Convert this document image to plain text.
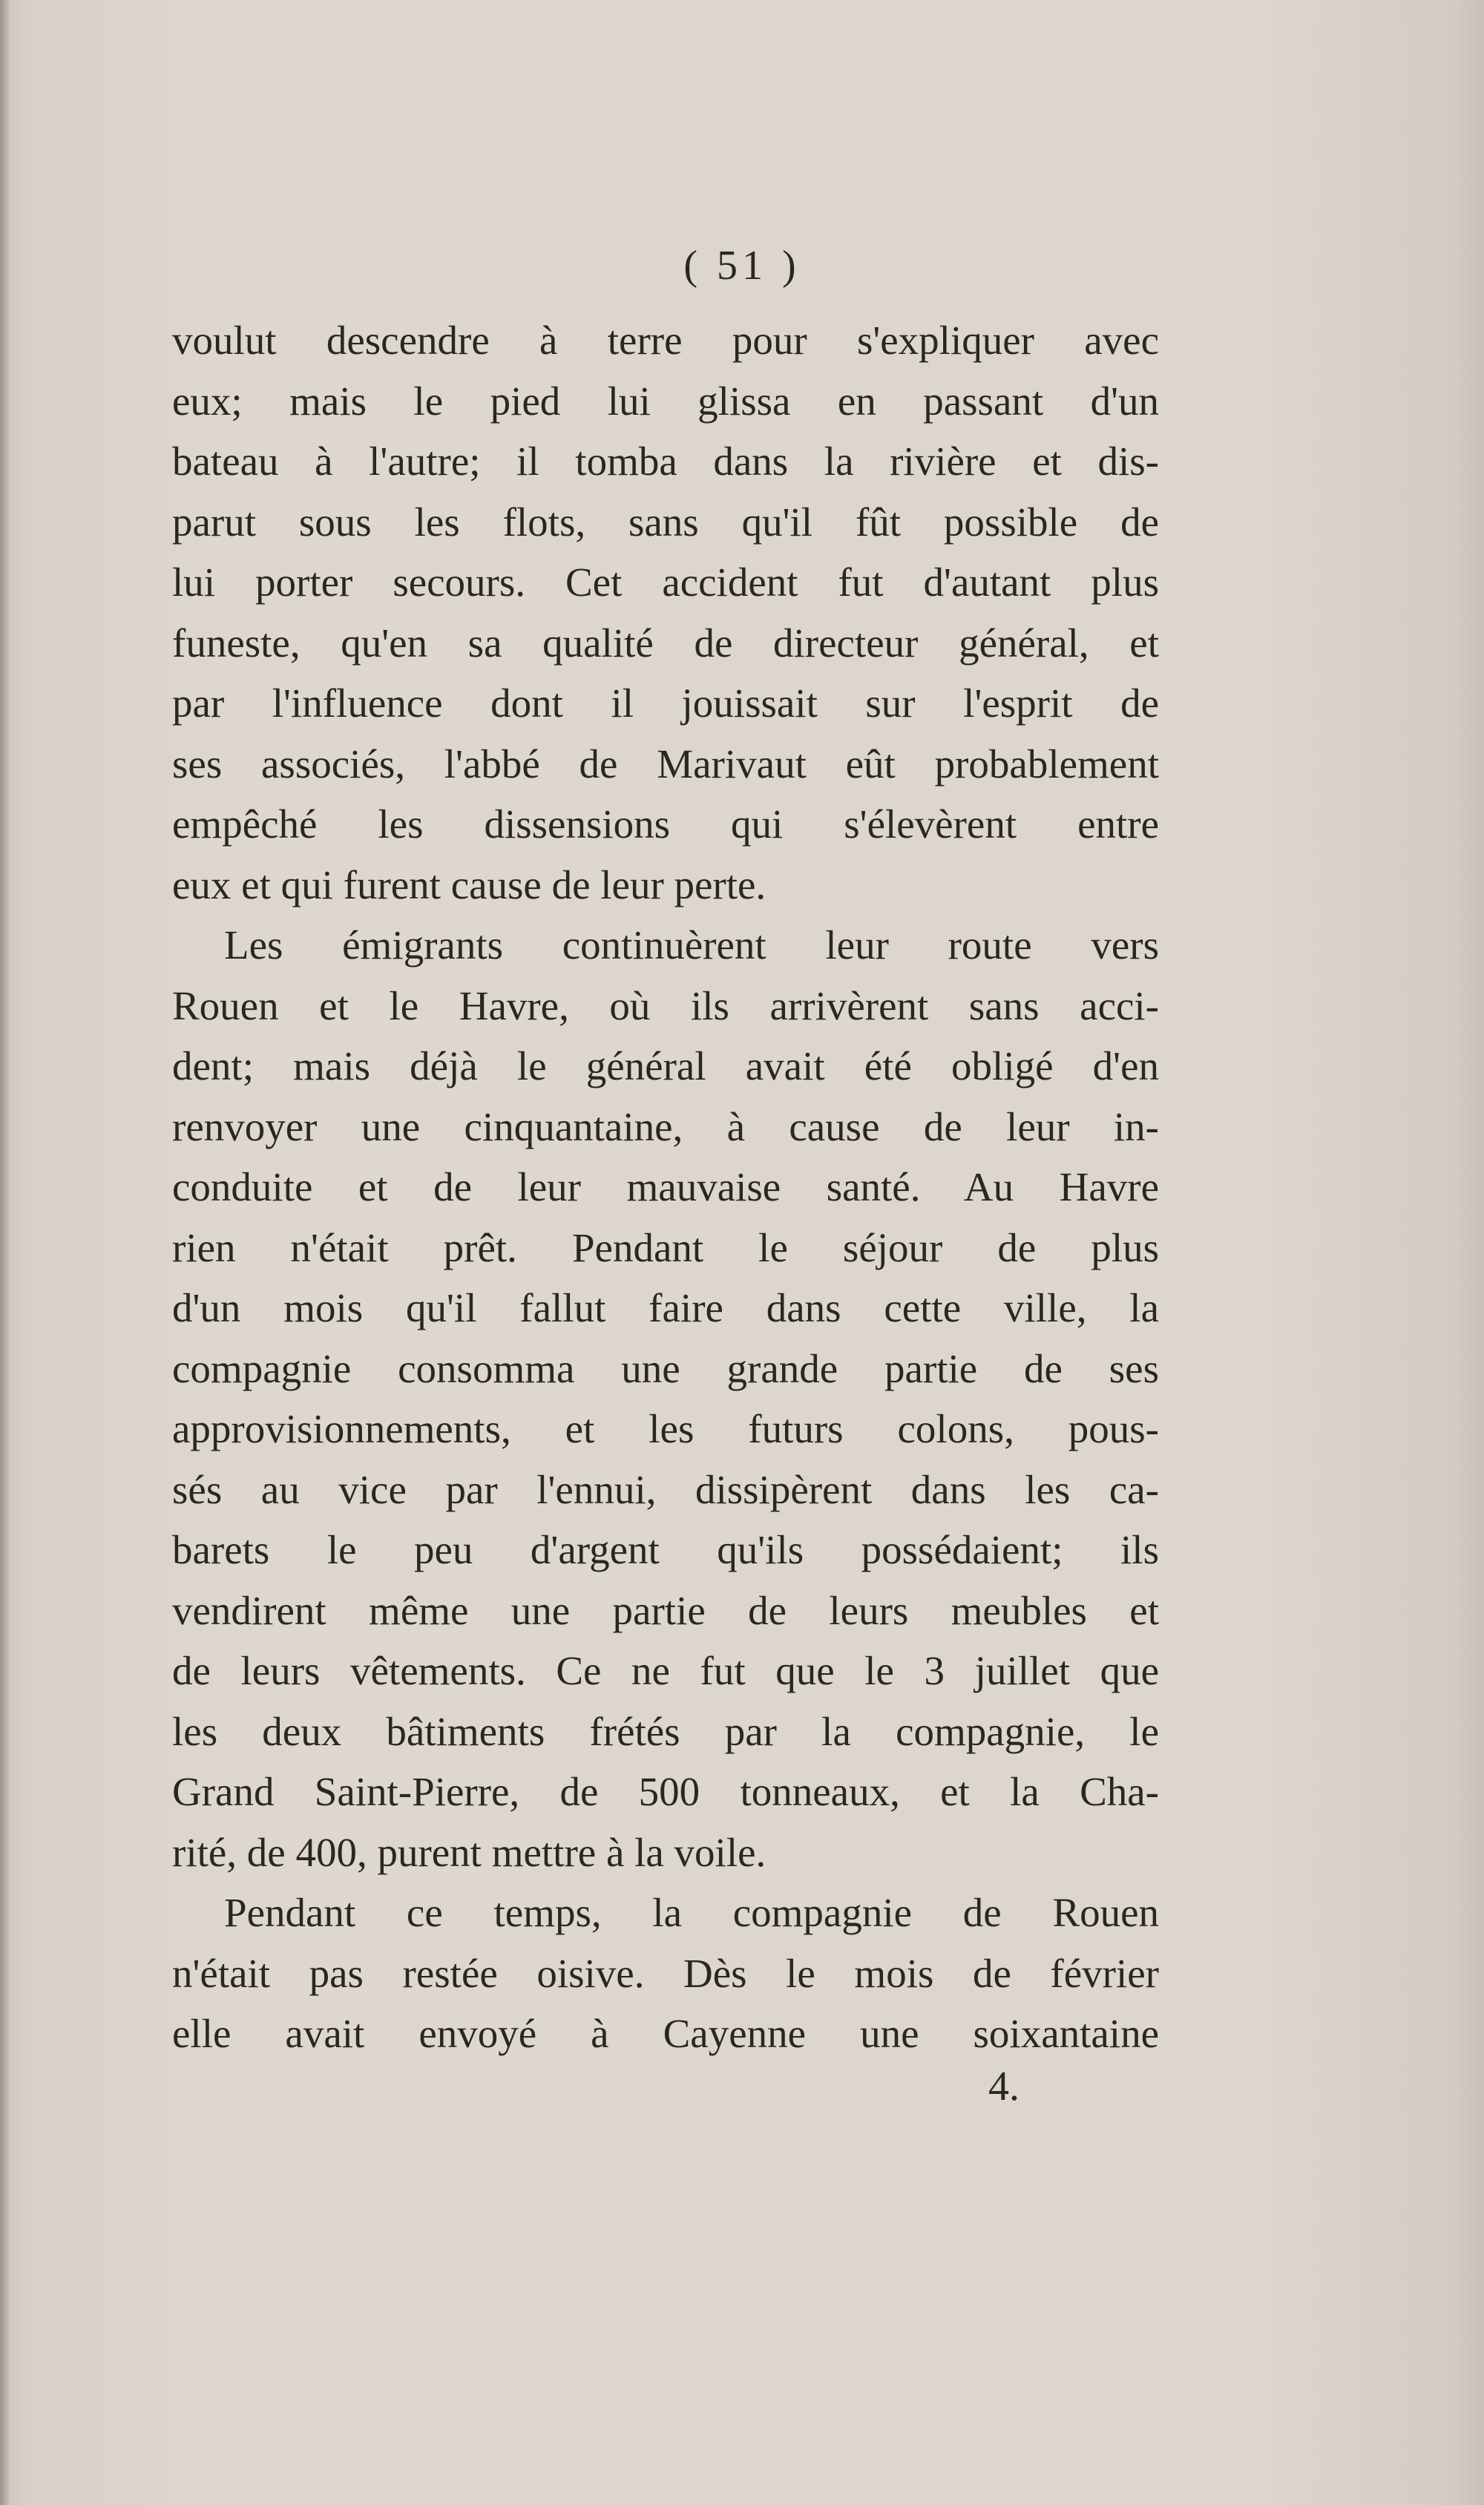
( 51 )
voulut descendre à terre pour s'expliquer avec
eux; mais le pied lui glissa en passant d'un
bateau à l'autre; il tomba dans la rivière et dis-
parut sous les flots, sans qu'il fût possible de
lui porter secours. Cet accident fut d'autant plus
funeste, qu'en sa qualité de directeur général, et
par l'influence dont il jouissait sur l'esprit de
ses associés, l'abbé de Marivaut eût probablement
empêché les dissensions qui s'élevèrent entre
eux et qui furent cause de leur perte.
Les émigrants continuèrent leur route vers
Rouen et le Havre, où ils arrivèrent sans acci-
dent; mais déjà le général avait été obligé d'en
renvoyer une cinquantaine, à cause de leur in-
conduite et de leur mauvaise santé. Au Havre
rien n'était prêt. Pendant le séjour de plus
d'un mois qu'il fallut faire dans cette ville, la
compagnie consomma une grande partie de ses
approvisionnements, et les futurs colons, pous-
sés au vice par l'ennui, dissipèrent dans les ca-
barets le peu d'argent qu'ils possédaient; ils
vendirent même une partie de leurs meubles et
de leurs vêtements. Ce ne fut que le 3 juillet que
les deux bâtiments frétés par la compagnie, le
Grand Saint-Pierre, de 500 tonneaux, et la Cha-
rité, de 400, purent mettre à la voile.
Pendant ce temps, la compagnie de Rouen
n'était pas restée oisive. Dès le mois de février
elle avait envoyé à Cayenne une soixantaine
4.
